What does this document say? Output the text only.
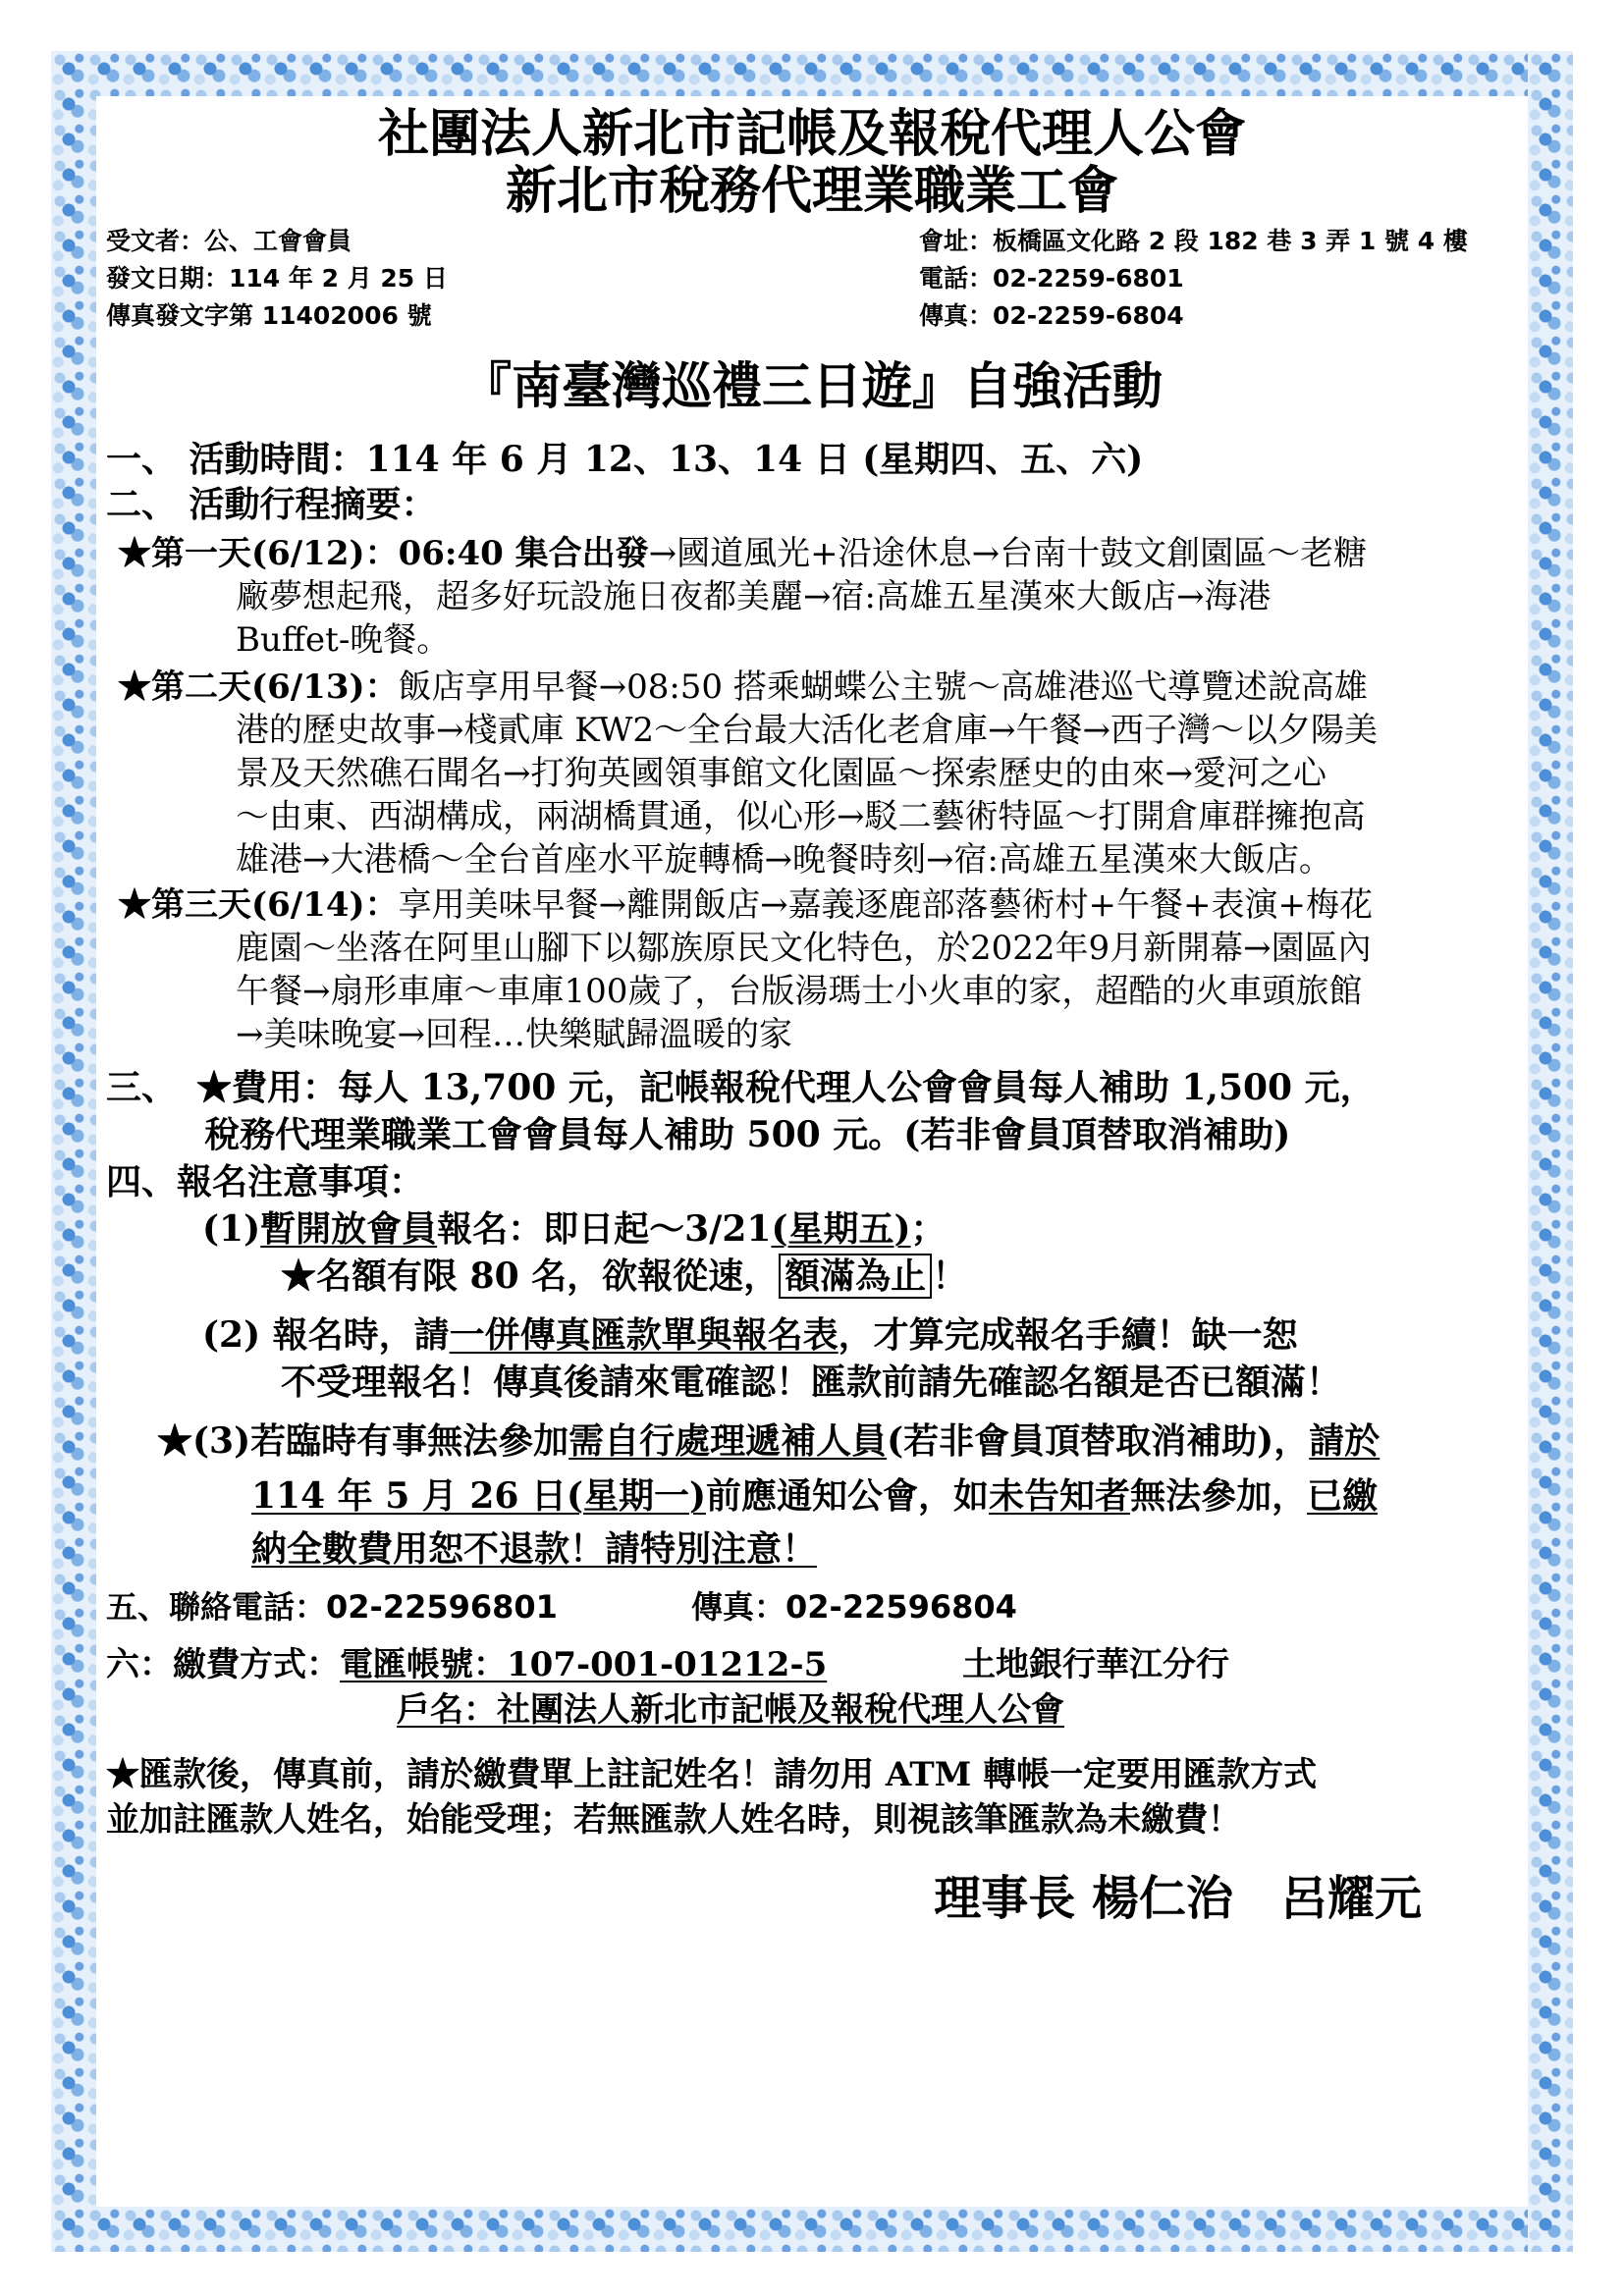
社團法人新北市記帳及報稅代理人公會
新北市稅務代理業職業工會
受文者：公、工會會員
發文日期：114 年 2 月 25 日
傳真發文字第 11402006 號
會址：板橋區文化路 2 段 182 巷 3 弄 1 號 4 樓
電話：02-2259-6801
傳真：02-2259-6804
『南臺灣巡禮三日遊』自強活動
一、 活動時間：114 年 6 月 12、13、14 日 (星期四、五、六)
二、 活動行程摘要：
★第一天(6/12)：06:40 集合出發→國道風光+沿途休息→台南十鼓文創園區～老糖
廠夢想起飛，超多好玩設施日夜都美麗→宿:高雄五星漢來大飯店→海港
Buffet-晚餐。
★第二天(6/13)：飯店享用早餐→08:50 搭乘蝴蝶公主號～高雄港巡弋導覽述說高雄
港的歷史故事→棧貳庫 KW2～全台最大活化老倉庫→午餐→西子灣～以夕陽美
景及天然礁石聞名→打狗英國領事館文化園區～探索歷史的由來→愛河之心
～由東、西湖構成，兩湖橋貫通，似心形→駁二藝術特區～打開倉庫群擁抱高
雄港→大港橋～全台首座水平旋轉橋→晚餐時刻→宿:高雄五星漢來大飯店。
★第三天(6/14)：享用美味早餐→離開飯店→嘉義逐鹿部落藝術村+午餐+表演+梅花
鹿園～坐落在阿里山腳下以鄒族原民文化特色，於2022年9月新開幕→園區內
午餐→扇形車庫～車庫100歲了，台版湯瑪士小火車的家，超酷的火車頭旅館
→美味晚宴→回程…快樂賦歸溫暖的家
三、 ★費用：每人 13,700 元，記帳報稅代理人公會會員每人補助 1,500 元，
稅務代理業職業工會會員每人補助 500 元。(若非會員頂替取消補助)
四、報名注意事項：
(1)暫開放會員報名：即日起～3/21(星期五)；
★名額有限 80 名，欲報從速， 額滿為止 ！
(2) 報名時，請一併傳真匯款單與報名表，才算完成報名手續！缺一恕
不受理報名！傳真後請來電確認！匯款前請先確認名額是否已額滿！
★(3)若臨時有事無法參加需自行處理遞補人員(若非會員頂替取消補助)，請於
114 年 5 月 26 日(星期一)前應通知公會，如未告知者無法參加，已繳
納全數費用恕不退款！請特別注意！
五、聯絡電話：02-22596801	傳真：02-22596804
六：繳費方式：電匯帳號：107-001-01212-5	土地銀行華江分行
戶名：社團法人新北市記帳及報稅代理人公會
★匯款後，傳真前，請於繳費單上註記姓名！請勿用 ATM 轉帳一定要用匯款方式
並加註匯款人姓名，始能受理；若無匯款人姓名時，則視該筆匯款為未繳費！
理事長 楊仁治　呂耀元
